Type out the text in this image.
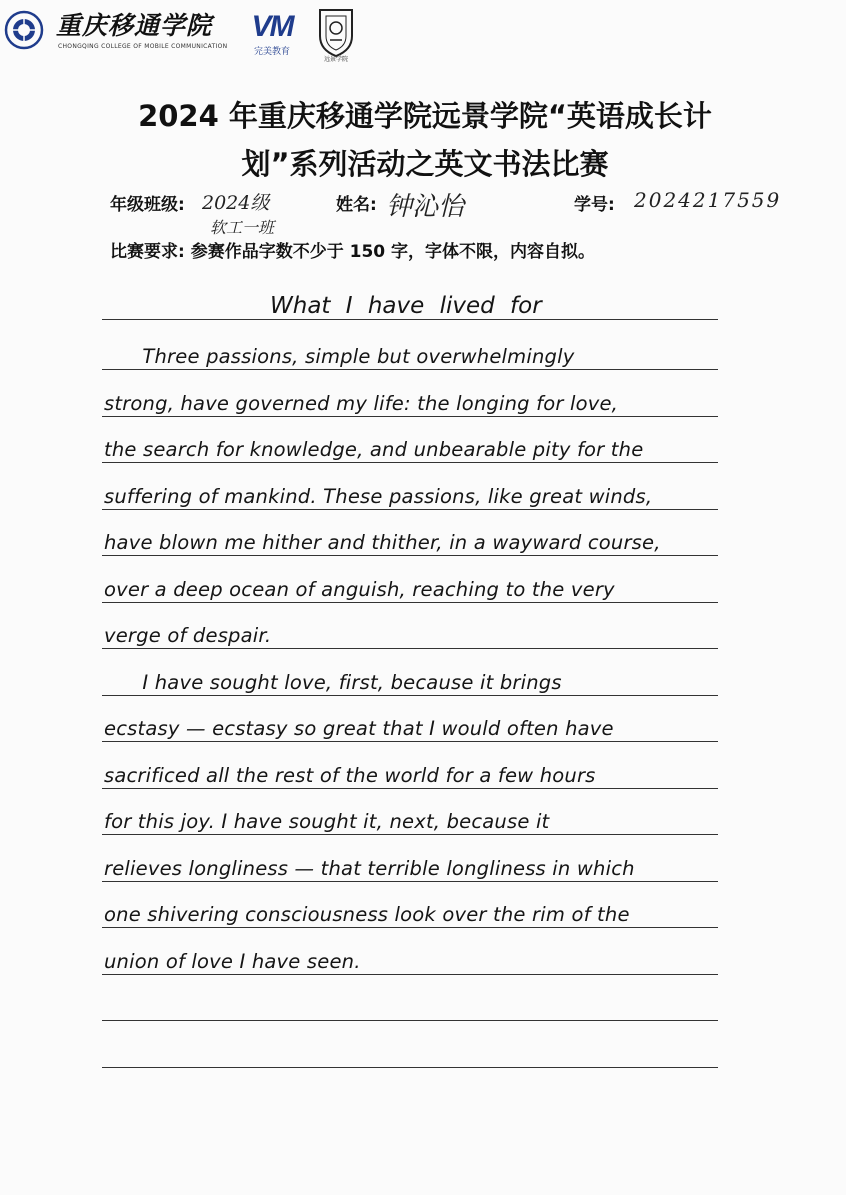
重庆移通学院
CHONGQING COLLEGE OF MOBILE COMMUNICATION
VM
完美教育
远景学院
2024 年重庆移通学院远景学院“英语成长计
划”系列活动之英文书法比赛
年级班级: 2024级
软工一班
姓名: 钟沁怡	学号: 2024217559
比赛要求: 参赛作品字数不少于 150 字，字体不限，内容自拟。
What I have lived for
Three passions, simple but overwhelmingly
strong, have governed my life: the longing for love,
the search for knowledge, and unbearable pity for the
suffering of mankind. These passions, like great winds,
have blown me hither and thither, in a wayward course,
over a deep ocean of anguish, reaching to the very
verge of despair.
I have sought love, first, because it brings
ecstasy — ecstasy so great that I would often have
sacrificed all the rest of the world for a few hours
for this joy. I have sought it, next, because it
relieves longliness — that terrible longliness in which
one shivering consciousness look over the rim of the
union of love I have seen.
